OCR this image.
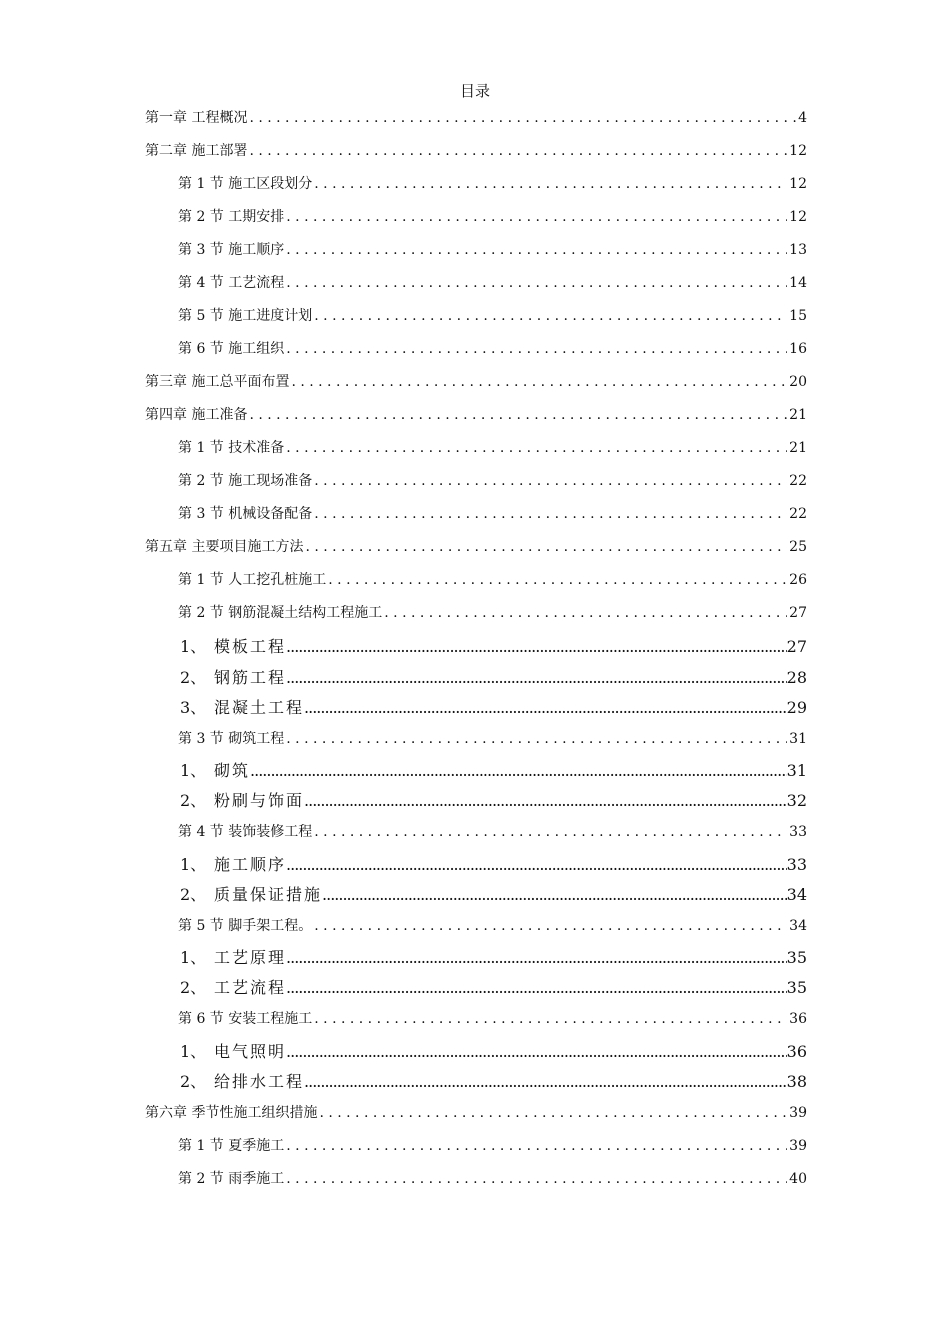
目录
第一章 工程概况 . . .	4
第二章 施工部署 . . .	12
第 1 节 施工区段划分 . . .	12
第 2 节 工期安排 . . .	12
第 3 节 施工顺序 . . .	13
第 4 节 工艺流程 . . .	14
第 5 节 施工进度计划 . . .	15
第 6 节 施工组织 . . .	16
第三章 施工总平面布置 . . .	20
第四章 施工准备 . . .	21
第 1 节 技术准备 . . .	21
第 2 节 施工现场准备 . . .	22
第 3 节 机械设备配备 . . .	22
第五章 主要项目施工方法 . . .	25
第 1 节 人工挖孔桩施工 . . .	26
第 2 节 钢筋混凝土结构工程施工 . . .	27
1、 模板工程 .....	27
2、 钢筋工程 .....	28
3、 混凝土工程 .....	29
第 3 节 砌筑工程 . . .	31
1、 砌筑 .....	31
2、 粉刷与饰面 .....	32
第 4 节 装饰装修工程 . . .	33
1、 施工顺序 .....	33
2、 质量保证措施 .....	34
第 5 节 脚手架工程。 . . .	34
1、 工艺原理 .....	35
2、 工艺流程 .....	35
第 6 节 安装工程施工 . . .	36
1、 电气照明 .....	36
2、 给排水工程 .....	38
第六章 季节性施工组织措施 . . .	39
第 1 节 夏季施工 . . .	39
第 2 节 雨季施工 . . .	40
